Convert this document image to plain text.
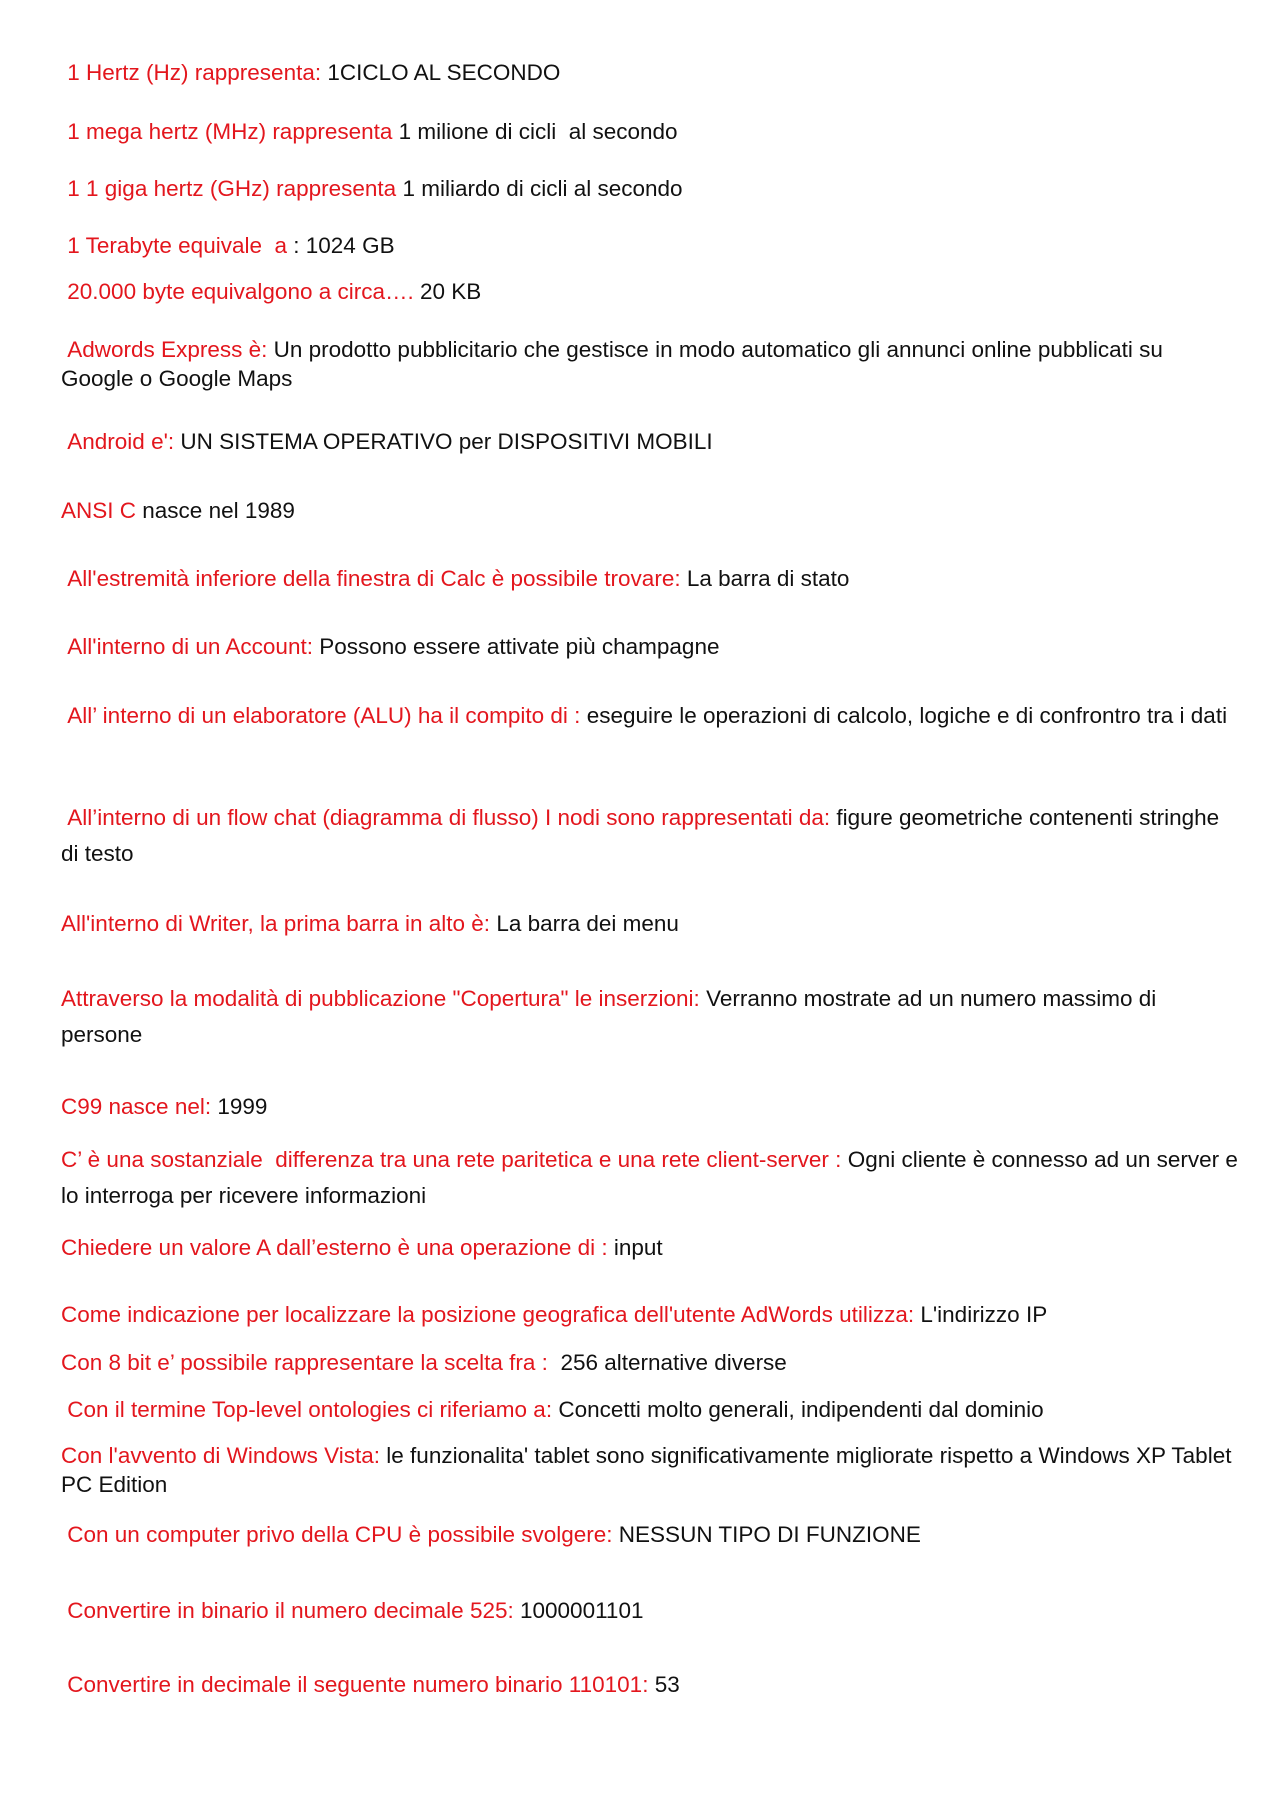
1 Hertz (Hz) rappresenta: 1CICLO AL SECONDO

1 mega hertz (MHz) rappresenta 1 milione di cicli  al secondo

1 1 giga hertz (GHz) rappresenta 1 miliardo di cicli al secondo

1 Terabyte equivale  a : 1024 GB

20.000 byte equivalgono a circa…. 20 KB

Adwords Express è: Un prodotto pubblicitario che gestisce in modo automatico gli annunci online pubblicati su Google o Google Maps

Android e': UN SISTEMA OPERATIVO per DISPOSITIVI MOBILI

ANSI C nasce nel 1989

All'estremità inferiore della finestra di Calc è possibile trovare: La barra di stato

All'interno di un Account: Possono essere attivate più champagne

All’ interno di un elaboratore (ALU) ha il compito di : eseguire le operazioni di calcolo, logiche e di confrontro tra i dati

All’interno di un flow chat (diagramma di flusso) I nodi sono rappresentati da: figure geometriche contenenti stringhe di testo

All'interno di Writer, la prima barra in alto è: La barra dei menu

Attraverso la modalità di pubblicazione "Copertura" le inserzioni: Verranno mostrate ad un numero massimo di persone

C99 nasce nel: 1999

C’ è una sostanziale  differenza tra una rete paritetica e una rete client-server : Ogni cliente è connesso ad un server e lo interroga per ricevere informazioni

Chiedere un valore A dall’esterno è una operazione di : input

Come indicazione per localizzare la posizione geografica dell'utente AdWords utilizza: L'indirizzo IP

Con 8 bit e’ possibile rappresentare la scelta fra :  256 alternative diverse

Con il termine Top-level ontologies ci riferiamo a: Concetti molto generali, indipendenti dal dominio

Con l'avvento di Windows Vista: le funzionalita' tablet sono significativamente migliorate rispetto a Windows XP Tablet PC Edition

Con un computer privo della CPU è possibile svolgere: NESSUN TIPO DI FUNZIONE

Convertire in binario il numero decimale 525: 1000001101

Convertire in decimale il seguente numero binario 110101: 53
